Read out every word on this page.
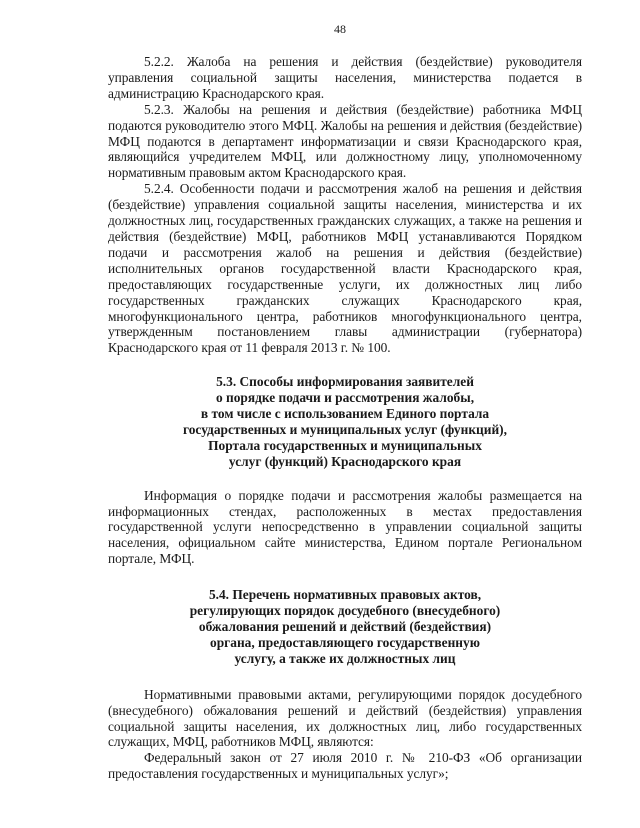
48

5.2.2. Жалоба на решения и действия (бездействие) руководителя управления социальной защиты населения, министерства подается в администрацию Краснодарского края.

5.2.3. Жалобы на решения и действия (бездействие) работника МФЦ подаются руководителю этого МФЦ. Жалобы на решения и действия (бездействие) МФЦ подаются в департамент информатизации и связи Краснодарского края, являющийся учредителем МФЦ, или должностному лицу, уполномоченному нормативным правовым актом Краснодарского края.

5.2.4. Особенности подачи и рассмотрения жалоб на решения и действия (бездействие) управления социальной защиты населения, министерства и их должностных лиц, государственных гражданских служащих, а также на решения и действия (бездействие) МФЦ, работников МФЦ устанавливаются Порядком подачи и рассмотрения жалоб на решения и действия (бездействие) исполнительных органов государственной власти Краснодарского края, предоставляющих государственные услуги, их должностных лиц либо государственных гражданских служащих Краснодарского края, многофункционального центра, работников многофункционального центра, утвержденным постановлением главы администрации (губернатора) Краснодарского края от 11 февраля 2013 г. № 100.

5.3. Способы информирования заявителей
о порядке подачи и рассмотрения жалобы,
в том числе с использованием Единого портала
государственных и муниципальных услуг (функций),
Портала государственных и муниципальных
услуг (функций) Краснодарского края

Информация о порядке подачи и рассмотрения жалобы размещается на информационных стендах, расположенных в местах предоставления государственной услуги непосредственно в управлении социальной защиты населения, официальном сайте министерства, Едином портале Региональном портале, МФЦ.

5.4. Перечень нормативных правовых актов,
регулирующих порядок досудебного (внесудебного)
обжалования решений и действий (бездействия)
органа, предоставляющего государственную
услугу, а также их должностных лиц

Нормативными правовыми актами, регулирующими порядок досудебного (внесудебного) обжалования решений и действий (бездействия) управления социальной защиты населения, их должностных лиц, либо государственных служащих, МФЦ, работников МФЦ, являются:

Федеральный закон от 27 июля 2010 г. № 210-ФЗ «Об организации предоставления государственных и муниципальных услуг»;
